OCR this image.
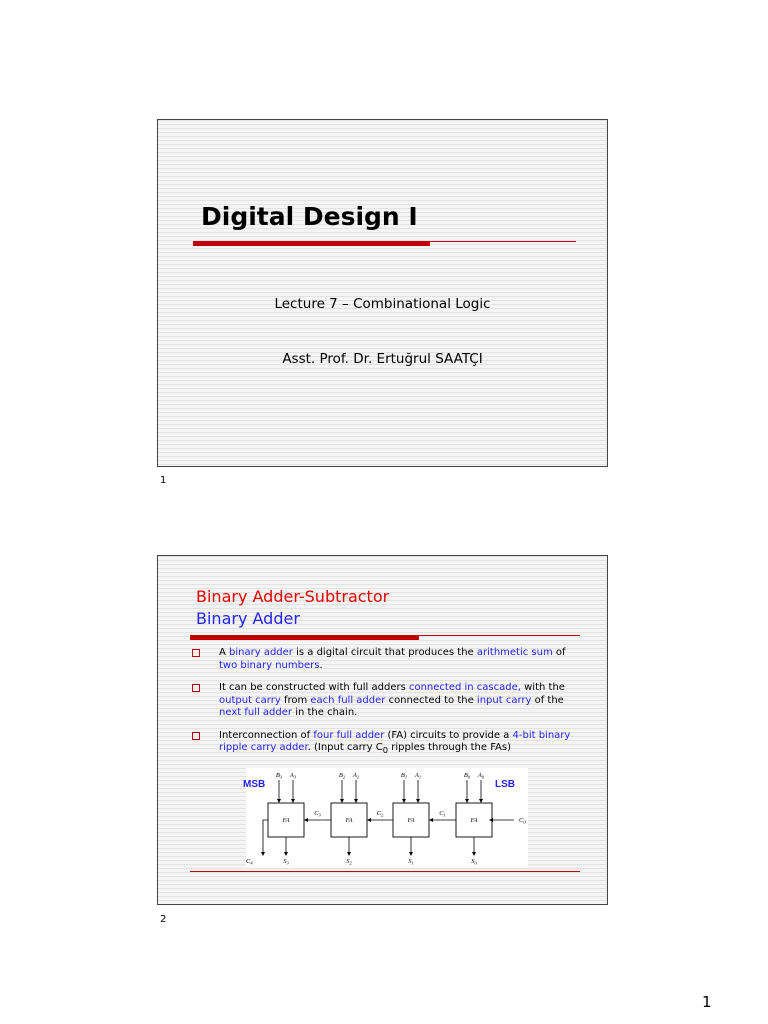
Digital Design I
Lecture 7 – Combinational Logic
Asst. Prof. Dr. Ertuğrul SAATÇI
1
Binary Adder-Subtractor
Binary Adder
A binary adder is a digital circuit that produces the arithmetic sum of two binary numbers.
It can be constructed with full adders connected in cascade, with the output carry from each full adder connected to the input carry of the next full adder in the chain.
Interconnection of four full adder (FA) circuits to provide a 4-bit binary ripple carry adder. (Input carry $C_0$ ripples through the FAs)
MSB	LSB
FA
$B_3$ $A_3$
$S_3$
$C_3$
FA
$B_2$ $A_2$
$S_2$
$C_2$
FA
$B_1$ $A_1$
$S_1$
$C_1$
FA
$B_0$ $A_0$
$S_0$
$C_0$
$C_4$
2
1
